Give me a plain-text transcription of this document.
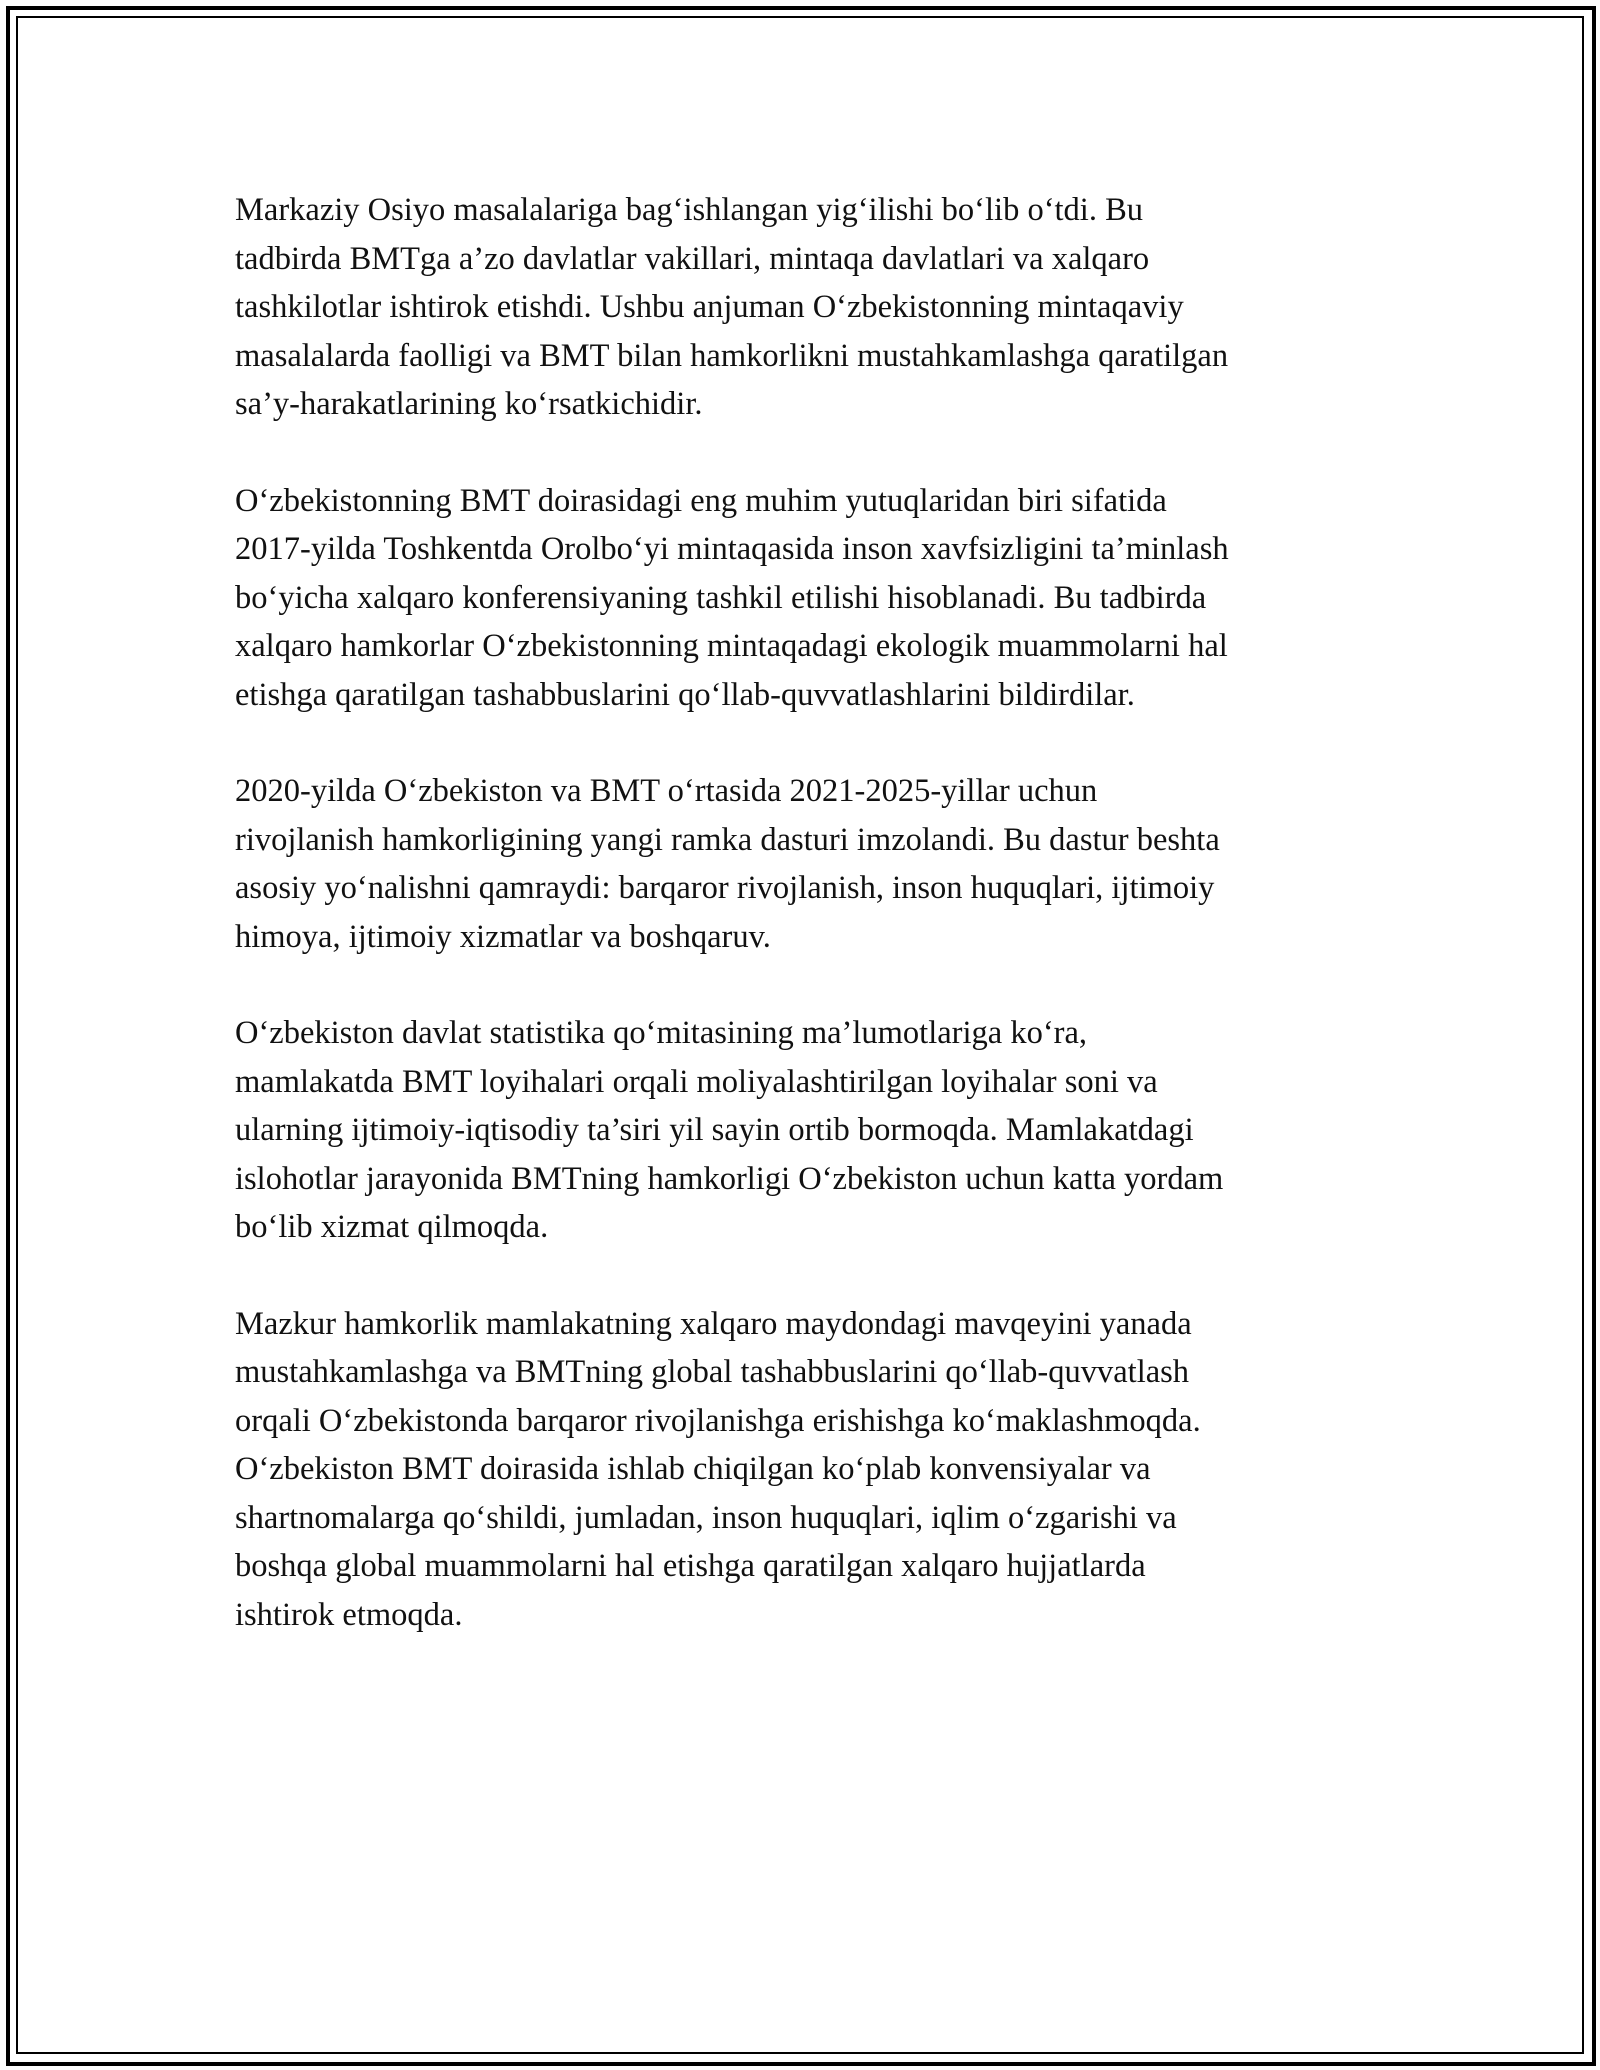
Markaziy Osiyo masalalariga bag‘ishlangan yig‘ilishi bo‘lib o‘tdi. Bu
tadbirda BMTga a’zo davlatlar vakillari, mintaqa davlatlari va xalqaro
tashkilotlar ishtirok etishdi. Ushbu anjuman O‘zbekistonning mintaqaviy
masalalarda faolligi va BMT bilan hamkorlikni mustahkamlashga qaratilgan
sa’y-harakatlarining ko‘rsatkichidir.

O‘zbekistonning BMT doirasidagi eng muhim yutuqlaridan biri sifatida
2017-yilda Toshkentda Orolbo‘yi mintaqasida inson xavfsizligini ta’minlash
bo‘yicha xalqaro konferensiyaning tashkil etilishi hisoblanadi. Bu tadbirda
xalqaro hamkorlar O‘zbekistonning mintaqadagi ekologik muammolarni hal
etishga qaratilgan tashabbuslarini qo‘llab-quvvatlashlarini bildirdilar.

2020-yilda O‘zbekiston va BMT o‘rtasida 2021-2025-yillar uchun
rivojlanish hamkorligining yangi ramka dasturi imzolandi. Bu dastur beshta
asosiy yo‘nalishni qamraydi: barqaror rivojlanish, inson huquqlari, ijtimoiy
himoya, ijtimoiy xizmatlar va boshqaruv.

O‘zbekiston davlat statistika qo‘mitasining ma’lumotlariga ko‘ra,
mamlakatda BMT loyihalari orqali moliyalashtirilgan loyihalar soni va
ularning ijtimoiy-iqtisodiy ta’siri yil sayin ortib bormoqda. Mamlakatdagi
islohotlar jarayonida BMTning hamkorligi O‘zbekiston uchun katta yordam
bo‘lib xizmat qilmoqda.

Mazkur hamkorlik mamlakatning xalqaro maydondagi mavqeyini yanada
mustahkamlashga va BMTning global tashabbuslarini qo‘llab-quvvatlash
orqali O‘zbekistonda barqaror rivojlanishga erishishga ko‘maklashmoqda.
O‘zbekiston BMT doirasida ishlab chiqilgan ko‘plab konvensiyalar va
shartnomalarga qo‘shildi, jumladan, inson huquqlari, iqlim o‘zgarishi va
boshqa global muammolarni hal etishga qaratilgan xalqaro hujjatlarda
ishtirok etmoqda.
